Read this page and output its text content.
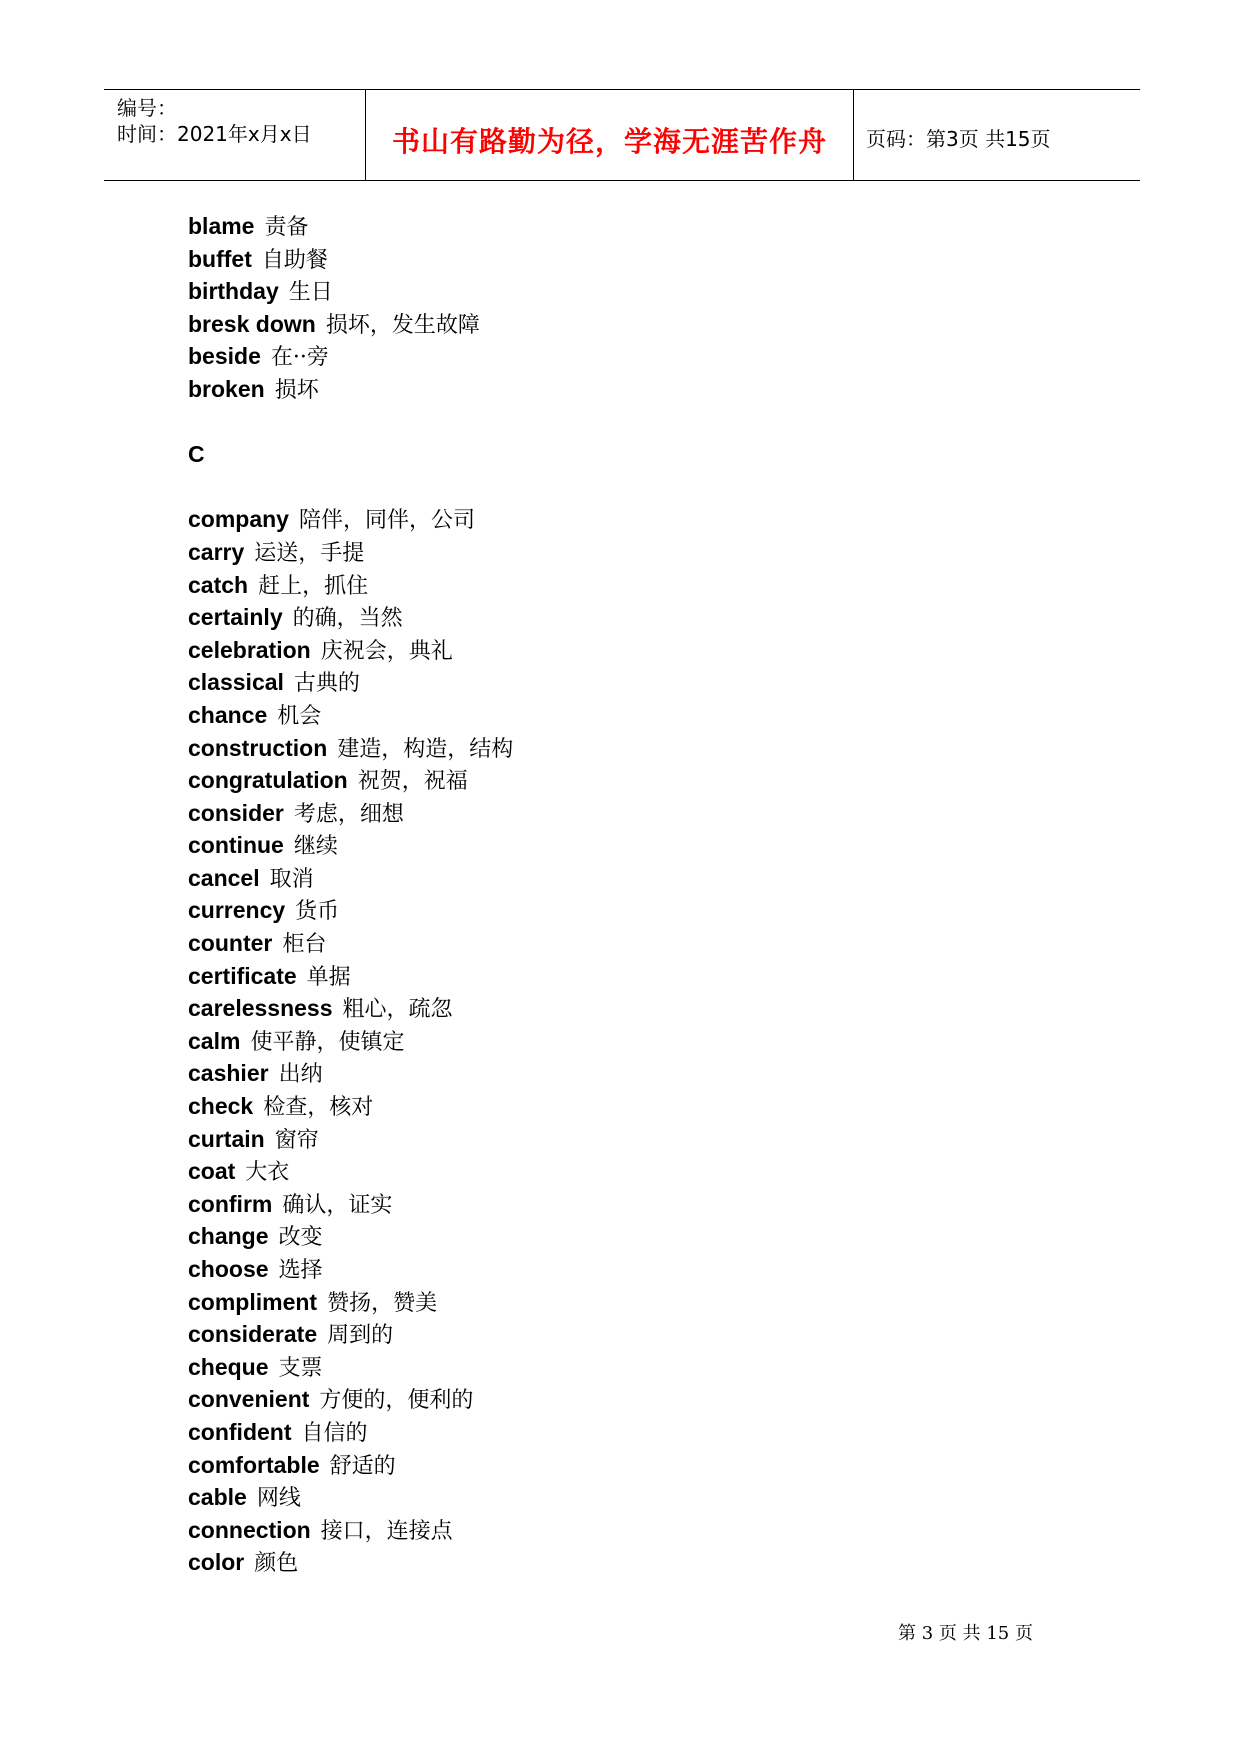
编号：
时间：2021年x月x日	书山有路勤为径，学海无涯苦作舟	页码：第3页 共15页
blame 责备
buffet 自助餐
birthday 生日
bresk down 损坏，发生故障
beside 在··旁
broken 损坏
C
company 陪伴，同伴，公司
carry 运送，手提
catch 赶上，抓住
certainly 的确，当然
celebration 庆祝会，典礼
classical 古典的
chance 机会
construction 建造，构造，结构
congratulation 祝贺，祝福
consider 考虑，细想
continue 继续
cancel 取消
currency 货币
counter 柜台
certificate 单据
carelessness 粗心，疏忽
calm 使平静，使镇定
cashier 出纳
check 检查，核对
curtain 窗帘
coat 大衣
confirm 确认，证实
change 改变
choose 选择
compliment 赞扬，赞美
considerate 周到的
cheque 支票
convenient 方便的，便利的
confident 自信的
comfortable 舒适的
cable 网线
connection 接口，连接点
color 颜色
第 3 页 共 15 页
